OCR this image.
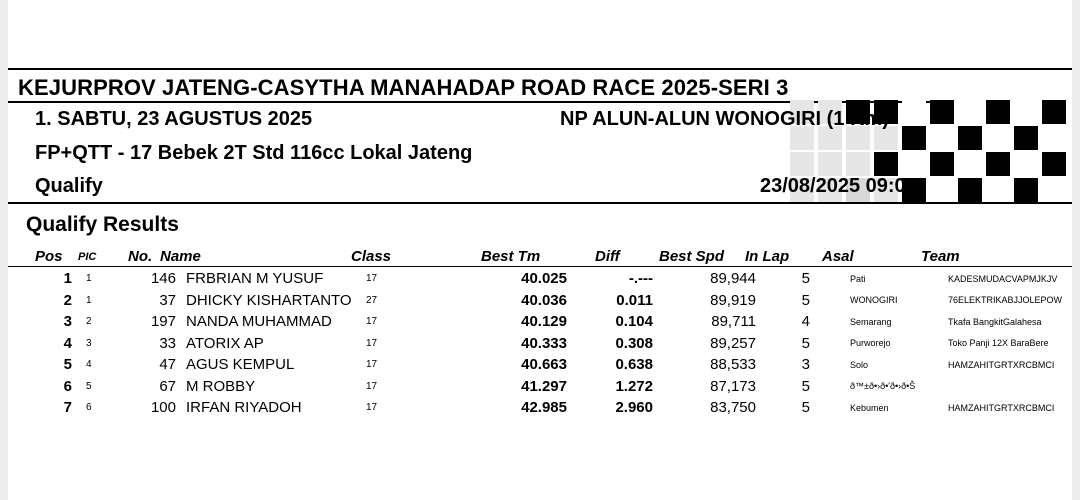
KEJURPROV JATENG-CASYTHA MANAHADAP ROAD RACE 2025-SERI 3
1. SABTU, 23 AGUSTUS 2025	NP ALUN-ALUN WONOGIRI (1 Km)
FP+QTT - 17 Bebek 2T Std 116cc Lokal Jateng
Qualify	23/08/2025 09:00
Qualify Results
Pos PIC No. Name	Class	Best Tm	Diff	Best Spd In Lap Asal	Team
1	1	146	FRBRIAN M YUSUF	17	40.025	-.---	89,944	5	Pati	KADESMUDACVAPMJKJV
2	1	37	DHICKY KISHARTANTO	27	40.036	0.011	89,919	5	WONOGIRI	76ELEKTRIKABJJOLEPOW
3	2	197	NANDA MUHAMMAD	17	40.129	0.104	89,711	4	Semarang	Tkafa BangkitGalahesa
4	3	33	ATORIX AP	17	40.333	0.308	89,257	5	Purworejo	Toko Panji 12X BaraBere
5	4	47	AGUS KEMPUL	17	40.663	0.638	88,533	3	Solo	HAMZAHITGRTXRCBMCI
6	5	67	M ROBBY	17	41.297	1.272	87,173	5	ð™±ð•›ð•'ð•›ð•Š	
7	6	100	IRFAN RIYADOH	17	42.985	2.960	83,750	5	Kebumen	HAMZAHITGRTXRCBMCI
